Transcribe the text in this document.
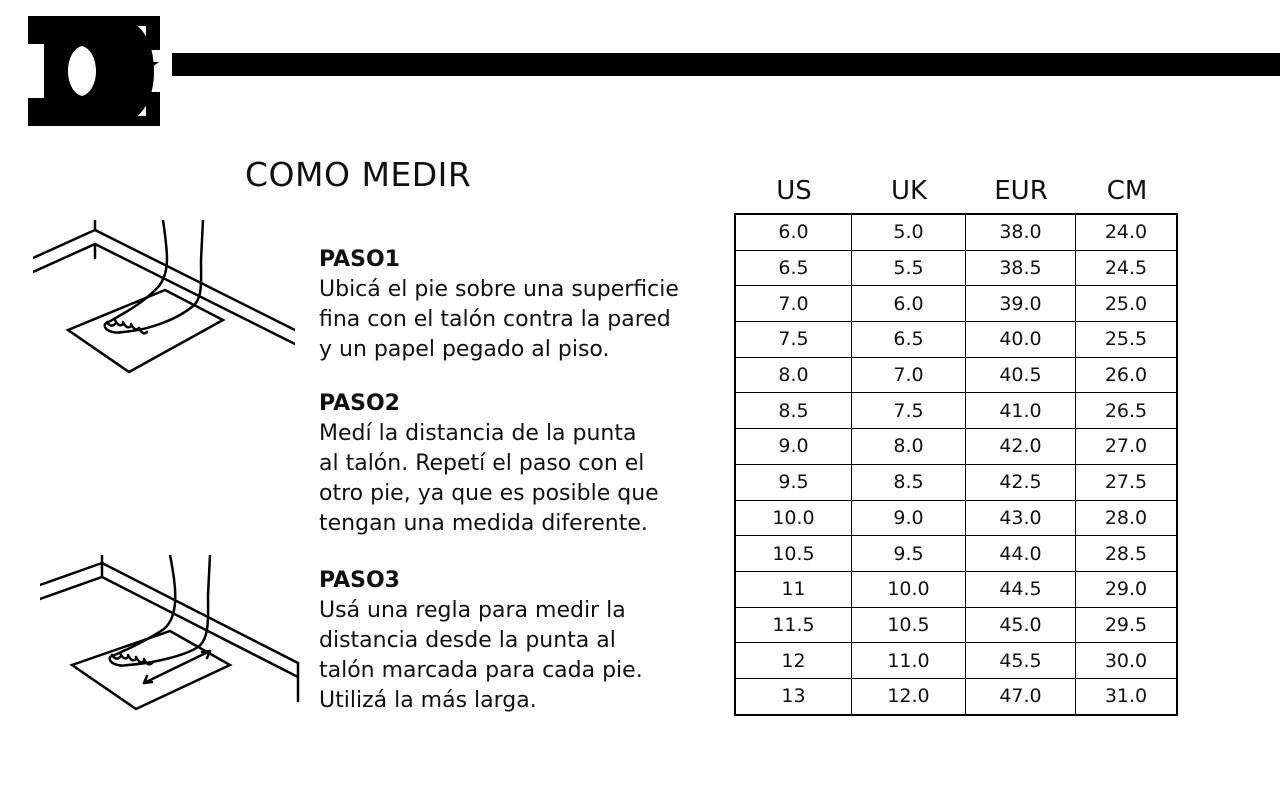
COMO MEDIR
PASO1
Ubicá el pie sobre una superficie
fina con el talón contra la pared
y un papel pegado al piso.
PASO2
Medí la distancia de la punta
al talón. Repetí el paso con el
otro pie, ya que es posible que
tengan una medida diferente.
PASO3
Usá una regla para medir la
distancia desde la punta al
talón marcada para cada pie.
Utilizá la más larga.
US	UK	EUR	CM
6.0	5.0	38.0	24.0
6.5	5.5	38.5	24.5
7.0	6.0	39.0	25.0
7.5	6.5	40.0	25.5
8.0	7.0	40.5	26.0
8.5	7.5	41.0	26.5
9.0	8.0	42.0	27.0
9.5	8.5	42.5	27.5
10.0	9.0	43.0	28.0
10.5	9.5	44.0	28.5
11	10.0	44.5	29.0
11.5	10.5	45.0	29.5
12	11.0	45.5	30.0
13	12.0	47.0	31.0
